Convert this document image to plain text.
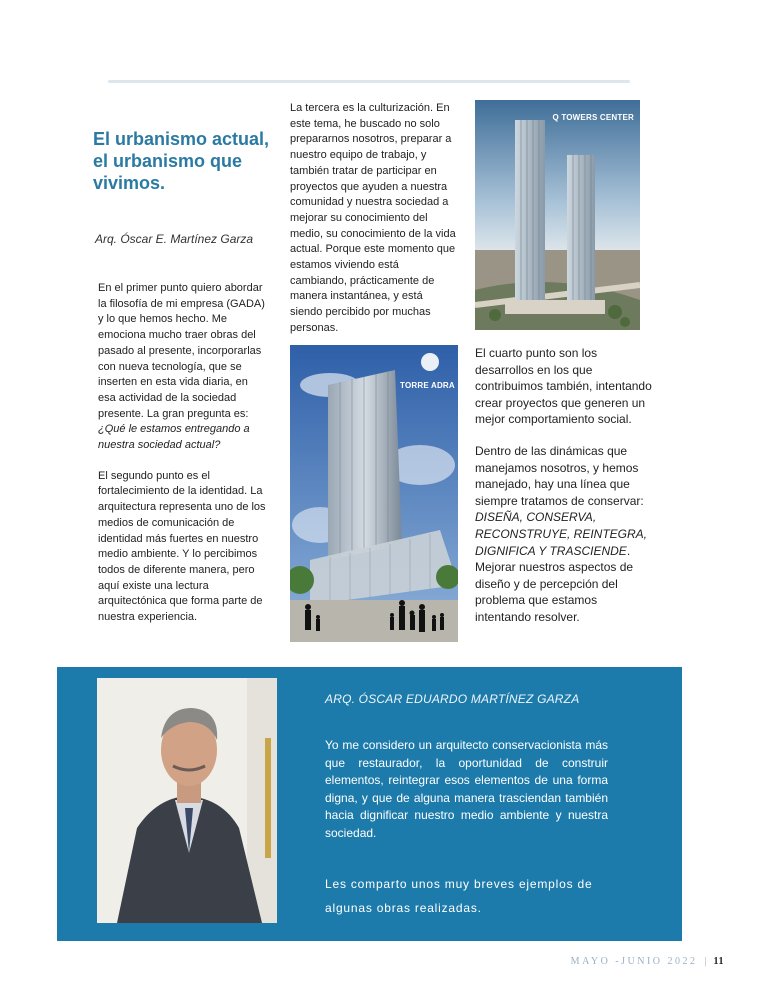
El urbanismo actual, el urbanismo que vivimos.
Arq. Óscar E. Martínez Garza

En el primer punto quiero abordar la filosofía de mi empresa (GADA) y lo que hemos hecho. Me emociona mucho traer obras del pasado al presente, incorporarlas con nueva tecnología, que se inserten en esta vida diaria, en esa actividad de la sociedad presente. La gran pregunta es: ¿Qué le estamos entregando a nuestra sociedad actual?

El segundo punto es el fortalecimiento de la identidad. La arquitectura representa uno de los medios de comunicación de identidad más fuertes en nuestro medio ambiente. Y lo percibimos todos de diferente manera, pero aquí existe una lectura arquitectónica que forma parte de nuestra experiencia.

La tercera es la culturización. En este tema, he buscado no solo prepararnos nosotros, preparar a nuestro equipo de trabajo, y también tratar de participar en proyectos que ayuden a nuestra comunidad y nuestra sociedad a mejorar su conocimiento del medio, su conocimiento de la vida actual. Porque este momento que estamos viviendo está cambiando, prácticamente de manera instantánea, y está siendo percibido por muchas personas.

Q TOWERS CENTER
TORRE ADRA

El cuarto punto son los desarrollos en los que contribuimos también, intentando crear proyectos que generen un mejor comportamiento social.

Dentro de las dinámicas que manejamos nosotros, y hemos manejado, hay una línea que siempre tratamos de conservar: DISEÑA, CONSERVA, RECONSTRUYE, REINTEGRA, DIGNIFICA Y TRASCIENDE. Mejorar nuestros aspectos de diseño y de percepción del problema que estamos intentando resolver.

ARQ. ÓSCAR EDUARDO MARTÍNEZ GARZA

Yo me considero un arquitecto conservacionista más que restaurador, la oportunidad de construir elementos, reintegrar esos elementos de una forma digna, y que de alguna manera trasciendan también hacia dignificar nuestro medio ambiente y nuestra sociedad.

Les comparto unos muy breves ejemplos de algunas obras realizadas.

MAYO -JUNIO 2022 | 11
